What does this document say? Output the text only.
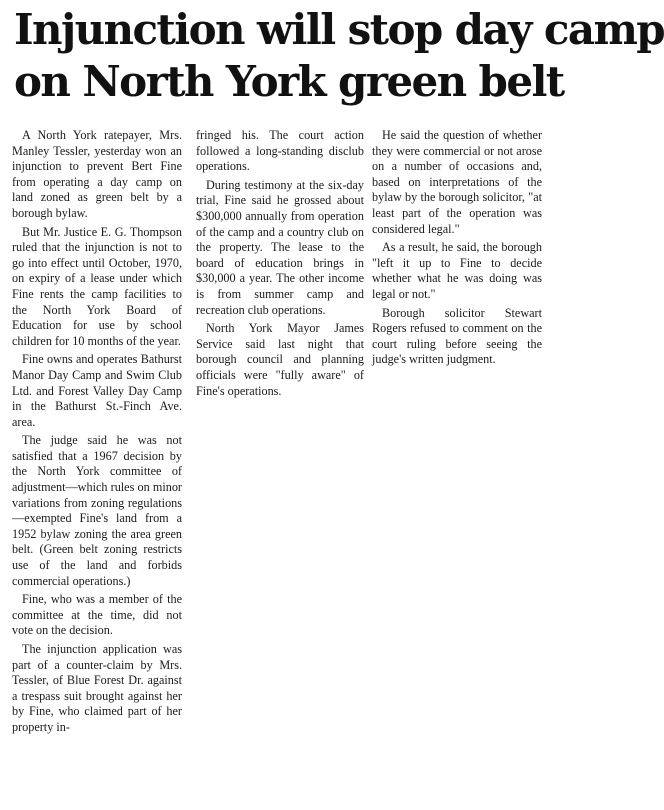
Injunction will stop day camp
on North York green belt

A North York ratepayer, Mrs. Manley Tessler, yesterday won an injunction to prevent Bert Fine from operating a day camp on land zoned as green belt by a borough bylaw.

But Mr. Justice E. G. Thompson ruled that the injunction is not to go into effect until October, 1970, on expiry of a lease under which Fine rents the camp facilities to the North York Board of Education for use by school children for 10 months of the year.

Fine owns and operates Bathurst Manor Day Camp and Swim Club Ltd. and Forest Valley Day Camp in the Bathurst St.-Finch Ave. area.

The judge said he was not satisfied that a 1967 decision by the North York committee of adjustment—which rules on minor variations from zoning regulations—exempted Fine's land from a 1952 bylaw zoning the area green belt. (Green belt zoning restricts use of the land and forbids commercial operations.)

Fine, who was a member of the committee at the time, did not vote on the decision.

The injunction application was part of a counter-claim by Mrs. Tessler, of Blue Forest Dr. against a trespass suit brought against her by Fine, who claimed part of her property in-

fringed his. The court action followed a long-standing disclub operations.

During testimony at the six-day trial, Fine said he grossed about $300,000 annually from operation of the camp and a country club on the property. The lease to the board of education brings in $30,000 a year. The other income is from summer camp and recreation club operations.

North York Mayor James Service said last night that borough council and planning officials were "fully aware" of Fine's operations.

He said the question of whether they were commercial or not arose on a number of occasions and, based on interpretations of the bylaw by the borough solicitor, "at least part of the operation was considered legal."

As a result, he said, the borough "left it up to Fine to decide whether what he was doing was legal or not."

Borough solicitor Stewart Rogers refused to comment on the court ruling before seeing the judge's written judgment.
